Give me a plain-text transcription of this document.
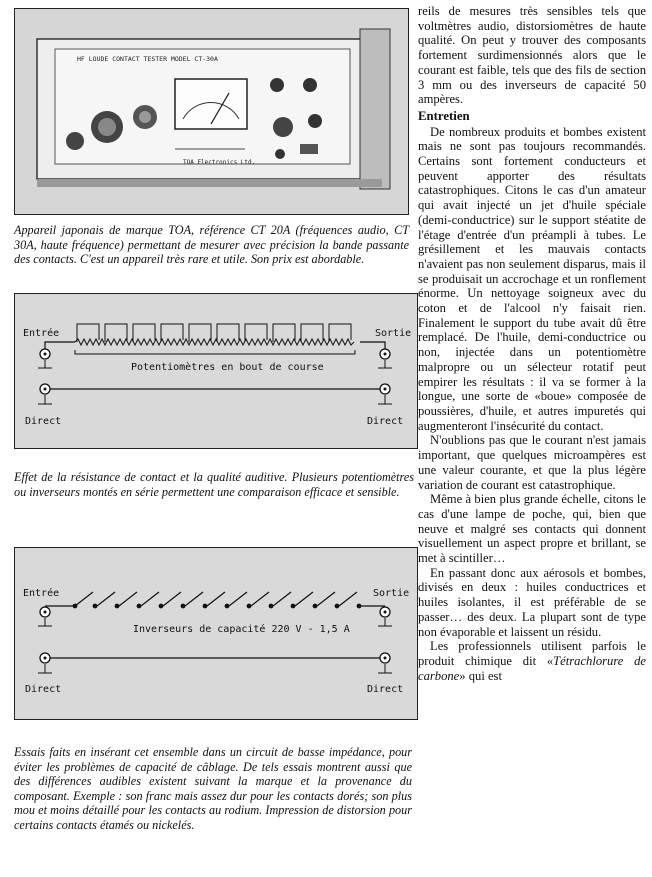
HF LOUDE CONTACT TESTER MODEL CT-30A
TOA Electronics Ltd.
Appareil japonais de marque TOA, référence CT 20A (fréquences audio, CT 30A, haute fréquence) permettant de mesurer avec précision la bande passante des contacts. C'est un appareil très rare et utile. Son prix est abordable.
Entrée	Sortie
Potentiomètres en bout de course
Direct	Direct
Effet de la résistance de contact et la qualité auditive. Plusieurs potentiomètres ou inverseurs montés en série permettent une comparaison efficace et sensible.
Entrée	Sortie
Inverseurs de capacité 220 V - 1,5 A
Direct	Direct
Essais faits en insérant cet ensemble dans un circuit de basse impédance, pour éviter les problèmes de capacité de câblage. De tels essais montrent aussi que des différences audibles existent suivant la marque et la provenance du composant. Exemple : son franc mais assez dur pour les contacts dorés; son plus mou et moins détaillé pour les contacts au rodium. Impression de distorsion pour certains contacts étamés ou nickelés.

reils de mesures très sensibles tels que voltmètres audio, distorsiomètres de haute qualité. On peut y trouver des composants fortement surdimensionnés alors que le courant est faible, tels que des fils de section 3 mm ou des inverseurs de capacité 50 ampères.

Entretien

De nombreux produits et bombes existent mais ne sont pas toujours recommandés. Certains sont fortement conducteurs et peuvent apporter des résultats catastrophiques. Citons le cas d'un amateur qui avait injecté un jet d'huile spéciale (demi-conductrice) sur le support stéatite de l'étage d'entrée d'un préampli à tubes. Le grésillement et les mauvais contacts n'avaient pas non seulement disparus, mais il se produisait un accrochage et un ronflement énorme. Un nettoyage soigneux avec du coton et de l'alcool n'y faisait rien. Finalement le support du tube avait dû être remplacé. De l'huile, demi-conductrice ou non, injectée dans un potentiomètre malpropre ou un sélecteur rotatif peut empirer les résultats : il va se former à la longue, une sorte de «boue» composée de poussières, d'huile, et autres impuretés qui augmenteront l'insécurité du contact.

N'oublions pas que le courant n'est jamais important, que quelques microampères est une valeur courante, et que la plus légère variation de courant est catastrophique.

Même à bien plus grande échelle, citons le cas d'une lampe de poche, qui, bien que neuve et malgré ses contacts qui donnent visuellement un aspect propre et brillant, se met à scintiller…

En passant donc aux aérosols et bombes, divisés en deux : huiles conductrices et huiles isolantes, il est préférable de se passer… des deux. La plupart sont de type non évaporable et laissent un résidu.

Les professionnels utilisent parfois le produit chimique dit «Tétrachlorure de carbone» qui est
